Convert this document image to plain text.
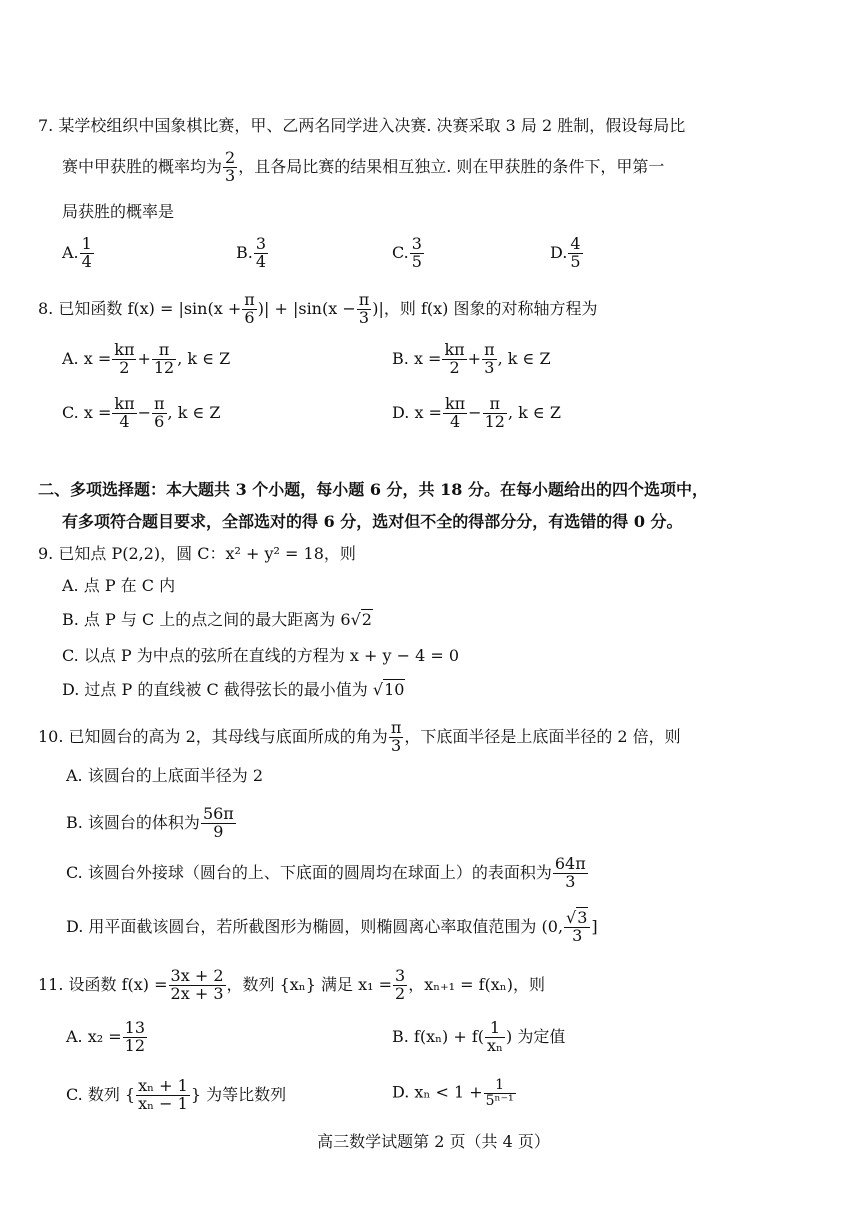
7. 某学校组织中国象棋比赛，甲、乙两名同学进入决赛. 决赛采取 3 局 2 胜制，假设每局比
赛中甲获胜的概率均为 $\frac{2}{3}$ ，且各局比赛的结果相互独立. 则在甲获胜的条件下，甲第一
局获胜的概率是
A. $\frac{1}{4}$	B. $\frac{3}{4}$	C. $\frac{3}{5}$	D. $\frac{4}{5}$
8. 已知函数 $f(x) = |\sin(x + \frac{\pi}{6}$ )| + $|\sin(x - \frac{\pi}{3}$ )|，则 f(x) 图象的对称轴方程为
A. $x = \frac{k\pi}{2} + \frac{\pi}{12}$ , k ∈ Z	B. $x = \frac{k\pi}{2} + \frac{\pi}{3}$ , k ∈ Z
C. $x = \frac{k\pi}{4} - \frac{\pi}{6}$ , k ∈ Z	D. $x = \frac{k\pi}{4} - \frac{\pi}{12}$ , k ∈ Z
二、多项选择题：本大题共 3 个小题，每小题 6 分，共 18 分。在每小题给出的四个选项中，
有多项符合题目要求，全部选对的得 6 分，选对但不全的得部分分，有选错的得 0 分。
9. 已知点 P(2,2)，圆 C：x² + y² = 18，则
A. 点 P 在 C 内
B. 点 P 与 C 上的点之间的最大距离为 6√2
C. 以点 P 为中点的弦所在直线的方程为 x + y − 4 = 0
D. 过点 P 的直线被 C 截得弦长的最小值为 √10
10. 已知圆台的高为 2，其母线与底面所成的角为 $\frac{\pi}{3}$ ，下底面半径是上底面半径的 2 倍，则
A. 该圆台的上底面半径为 2
B. 该圆台的体积为 $\frac{56\pi}{9}$
C. 该圆台外接球（圆台的上、下底面的圆周均在球面上）的表面积为 $\frac{64\pi}{3}$
D. 用平面截该圆台，若所截图形为椭圆，则椭圆离心率取值范围为 (0, $\frac{√3}{3}$ ]
11. 设函数 $f(x) = \frac{3x + 2}{2x + 3}$ ，数列 {xₙ} 满足 $x_1 = \frac{3}{2}$ ，xₙ₊₁ = f(xₙ)，则
A. $x_2 = \frac{13}{12}$	B. $f(x_n) + f( \frac{1}{\text{xₙ}}$ ) 为定值
C. 数列 { $\frac{\text{xₙ + 1}}{\text{xₙ − 1}}$ } 为等比数列	D. $x_n < 1 + \frac{1}{\text{5ⁿ⁻¹}}$
高三数学试题第 2 页（共 4 页）
